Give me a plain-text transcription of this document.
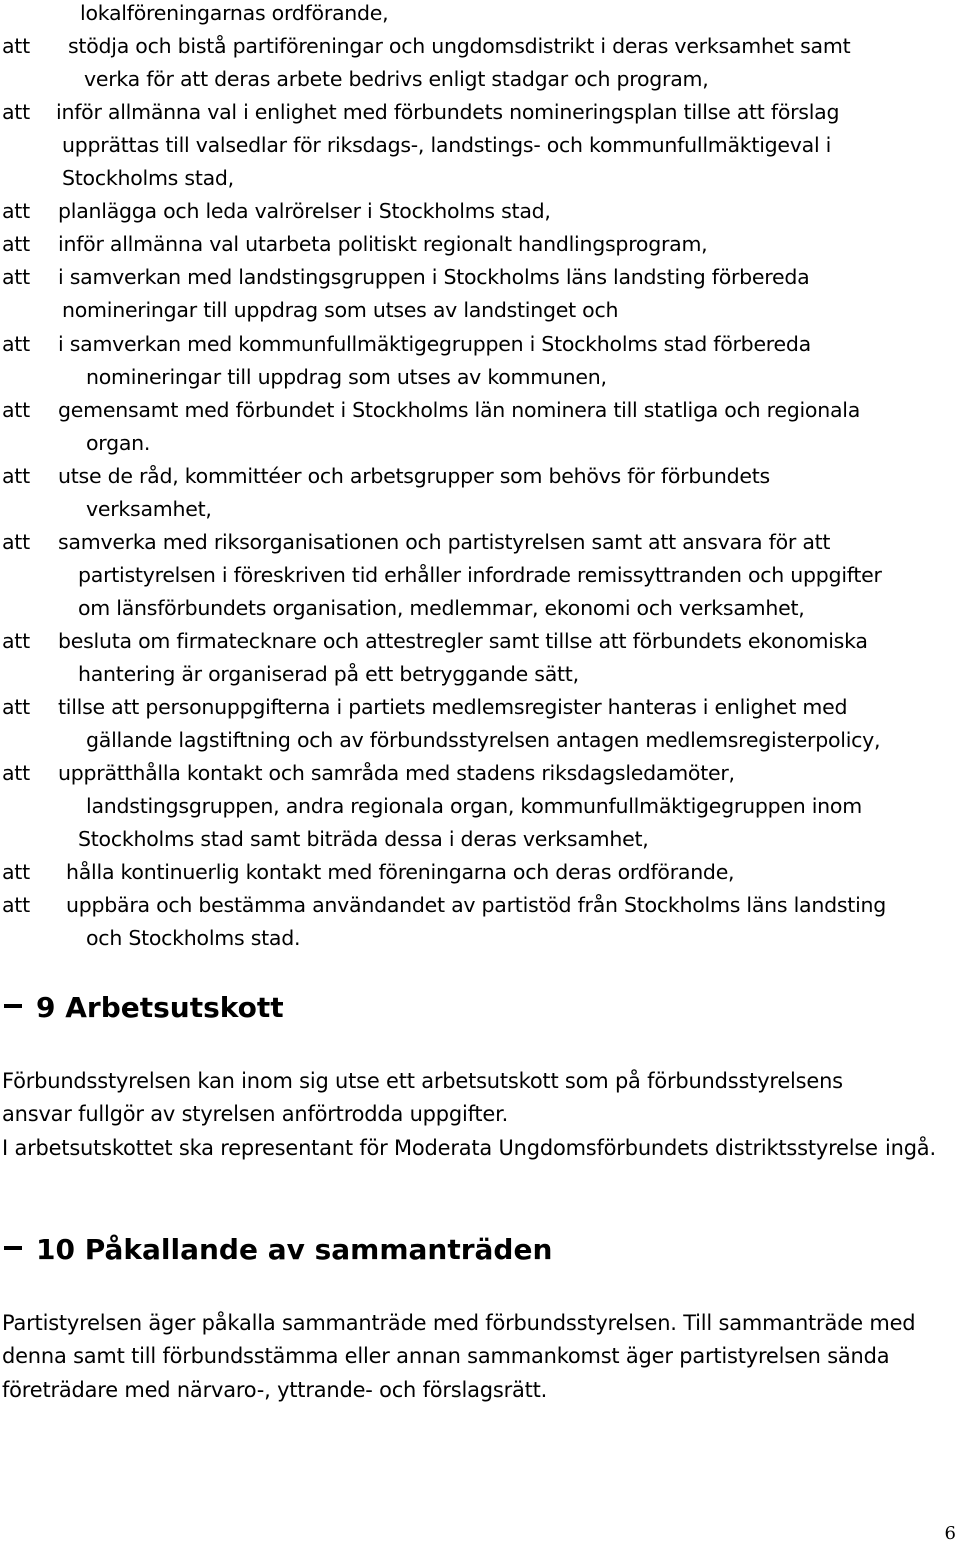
lokalföreningarnas ordförande,
att stödja och bistå partiföreningar och ungdomsdistrikt i deras verksamhet samt
verka för att deras arbete bedrivs enligt stadgar och program,
att inför allmänna val i enlighet med förbundets nomineringsplan tillse att förslag
upprättas till valsedlar för riksdags-, landstings- och kommunfullmäktigeval i
Stockholms stad,
att planlägga och leda valrörelser i Stockholms stad,
att inför allmänna val utarbeta politiskt regionalt handlingsprogram,
att i samverkan med landstingsgruppen i Stockholms läns landsting förbereda
nomineringar till uppdrag som utses av landstinget och
att i samverkan med kommunfullmäktigegruppen i Stockholms stad förbereda
nomineringar till uppdrag som utses av kommunen,
att gemensamt med förbundet i Stockholms län nominera till statliga och regionala
organ.
att utse de råd, kommittéer och arbetsgrupper som behövs för förbundets
verksamhet,
att samverka med riksorganisationen och partistyrelsen samt att ansvara för att
partistyrelsen i föreskriven tid erhåller infordrade remissyttranden och uppgifter
om länsförbundets organisation, medlemmar, ekonomi och verksamhet,
att besluta om firmatecknare och attestregler samt tillse att förbundets ekonomiska
hantering är organiserad på ett betryggande sätt,
att tillse att personuppgifterna i partiets medlemsregister hanteras i enlighet med
gällande lagstiftning och av förbundsstyrelsen antagen medlemsregisterpolicy,
att upprätthålla kontakt och samråda med stadens riksdagsledamöter,
landstingsgruppen, andra regionala organ, kommunfullmäktigegruppen inom
Stockholms stad samt biträda dessa i deras verksamhet,
att hålla kontinuerlig kontakt med föreningarna och deras ordförande,
att uppbära och bestämma användandet av partistöd från Stockholms läns landsting
och Stockholms stad.
9 Arbetsutskott
Förbundsstyrelsen kan inom sig utse ett arbetsutskott som på förbundsstyrelsens ansvar fullgör av styrelsen anförtrodda uppgifter. I arbetsutskottet ska representant för Moderata Ungdomsförbundets distriktsstyrelse ingå.
10 Påkallande av sammanträden
Partistyrelsen äger påkalla sammanträde med förbundsstyrelsen. Till sammanträde med denna samt till förbundsstämma eller annan sammankomst äger partistyrelsen sända företrädare med närvaro-, yttrande- och förslagsrätt.
6
